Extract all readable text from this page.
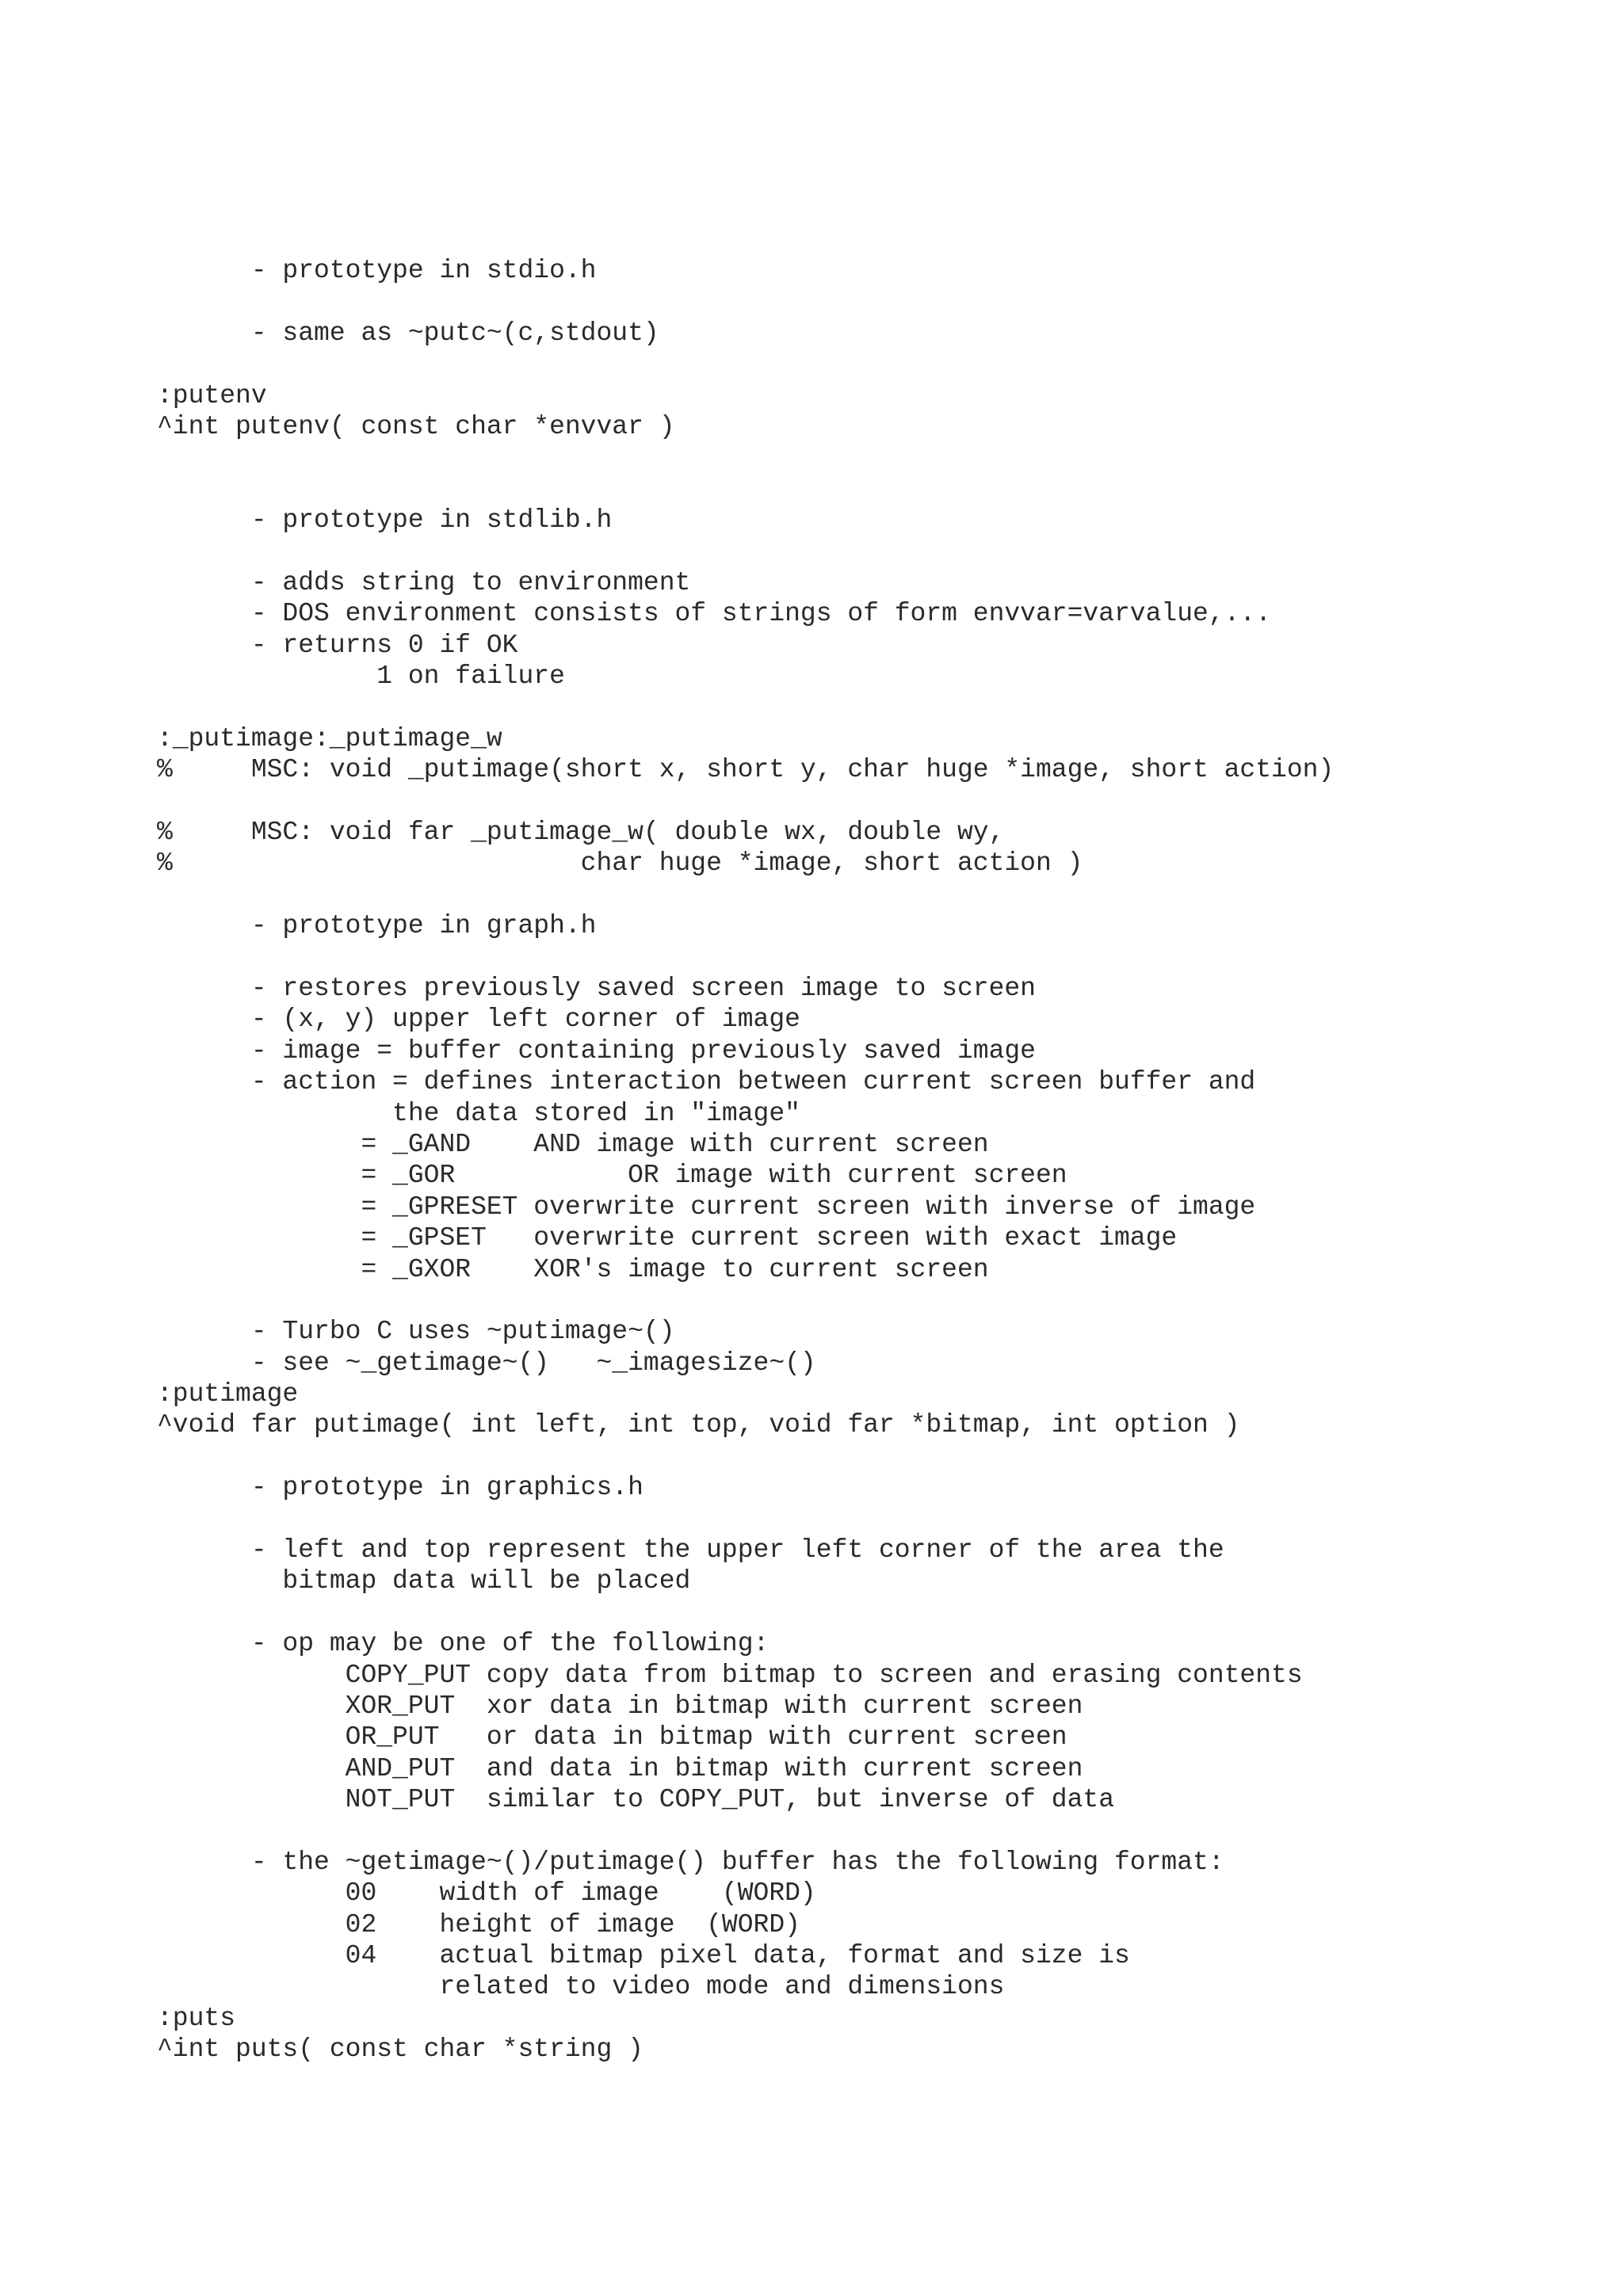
- prototype in stdio.h
- same as ~putc~(c,stdout)
:putenv
^int putenv( const char *envvar )
- prototype in stdlib.h
- adds string to environment
- DOS environment consists of strings of form envvar=varvalue,...
- returns 0 if OK
1 on failure
:_putimage:_putimage_w
%     MSC: void _putimage(short x, short y, char huge *image, short action)
%     MSC: void far _putimage_w( double wx, double wy,
%                          char huge *image, short action )
- prototype in graph.h
- restores previously saved screen image to screen
- (x, y) upper left corner of image
- image = buffer containing previously saved image
- action = defines interaction between current screen buffer and
the data stored in "image"
= _GAND    AND image with current screen
= _GOR           OR image with current screen
= _GPRESET overwrite current screen with inverse of image
= _GPSET   overwrite current screen with exact image
= _GXOR    XOR's image to current screen
- Turbo C uses ~putimage~()
- see ~_getimage~()   ~_imagesize~()
:putimage
^void far putimage( int left, int top, void far *bitmap, int option )
- prototype in graphics.h
- left and top represent the upper left corner of the area the
bitmap data will be placed
- op may be one of the following:
COPY_PUT copy data from bitmap to screen and erasing contents
XOR_PUT  xor data in bitmap with current screen
OR_PUT   or data in bitmap with current screen
AND_PUT  and data in bitmap with current screen
NOT_PUT  similar to COPY_PUT, but inverse of data
- the ~getimage~()/putimage() buffer has the following format:
00    width of image    (WORD)
02    height of image  (WORD)
04    actual bitmap pixel data, format and size is
related to video mode and dimensions
:puts
^int puts( const char *string )
